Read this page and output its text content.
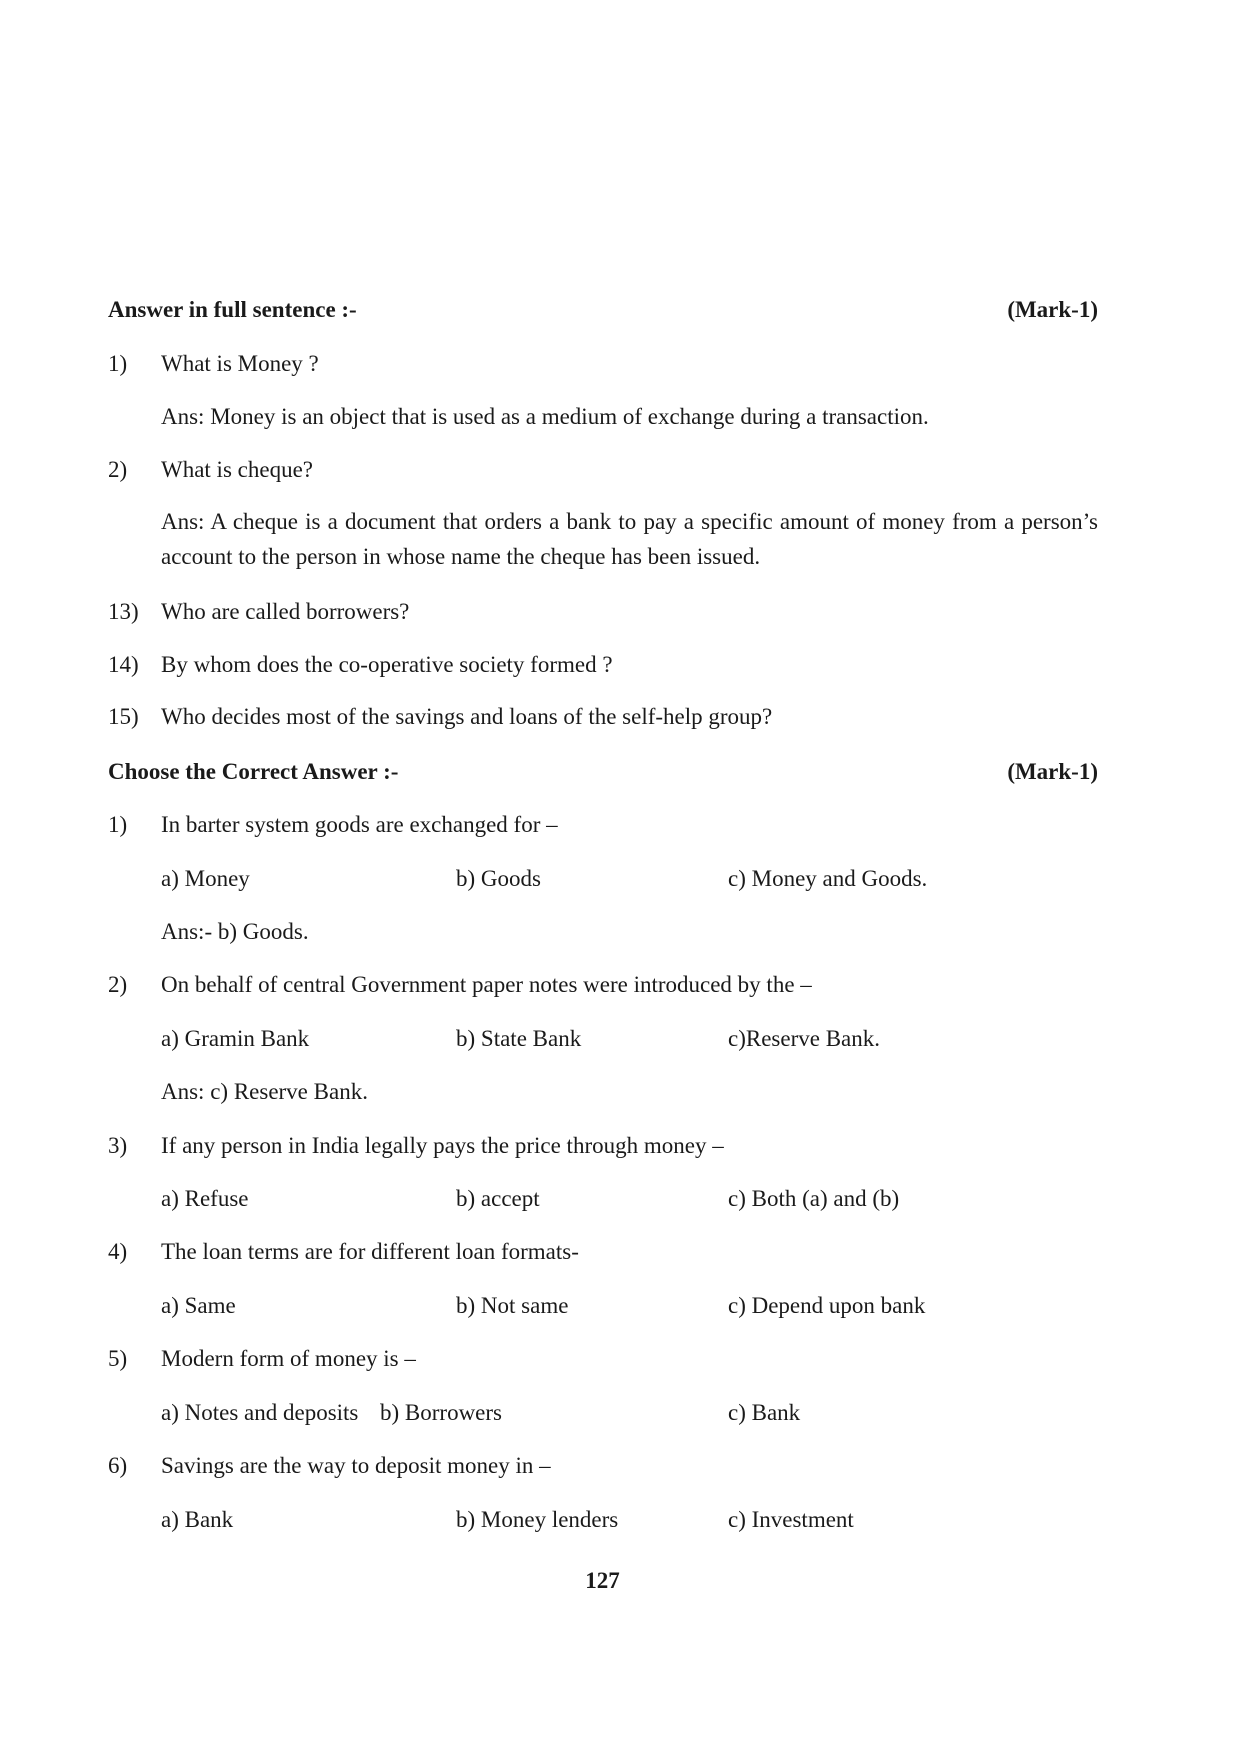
Answer in full sentence :-	(Mark-1)
1) What is Money ?
Ans: Money is an object that is used as a medium of exchange during a transaction.
2) What is cheque?
Ans: A cheque is a document that orders a bank to pay a specific amount of money from a person’s account to the person in whose name the cheque has been issued.
13) Who are called borrowers?
14) By whom does the co-operative society formed ?
15) Who decides most of the savings and loans of the self-help group?
Choose the Correct Answer :-	(Mark-1)
1) In barter system goods are exchanged for –
a) Money	b) Goods	c) Money and Goods.
Ans:- b) Goods.
2) On behalf of central Government paper notes were introduced by the –
a) Gramin Bank	b) State Bank	c)Reserve Bank.
Ans: c) Reserve Bank.
3) If any person in India legally pays the price through money –
a) Refuse	b) accept	c) Both (a) and (b)
4) The loan terms are for different loan formats-
a) Same	b) Not same	c) Depend upon bank
5) Modern form of money is –
a) Notes and deposits b) Borrowers	c) Bank
6) Savings are the way to deposit money in –
a) Bank	b) Money lenders	c) Investment
127
